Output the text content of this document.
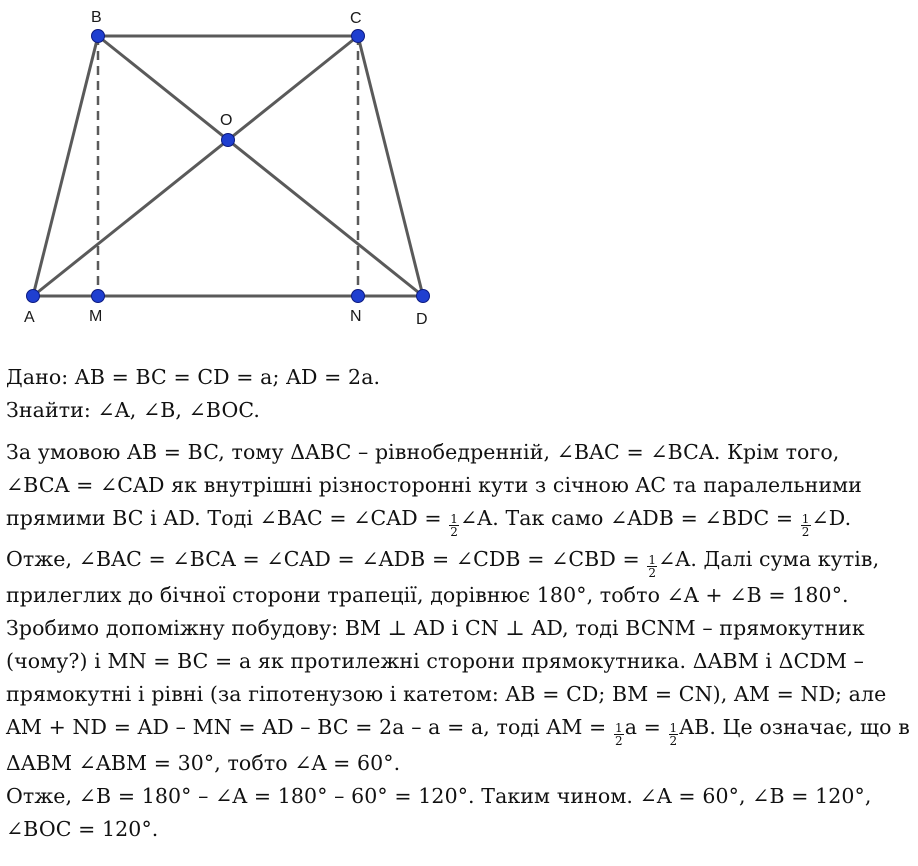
B	C
O
A	M	N	D
Дано: AB = BC = CD = a; AD = 2a.
Знайти: ∠A, ∠B, ∠BOC.
За умовою AB = BC, тому ΔABC – рівнобедренній, ∠BAC = ∠BCA. Крім того,
∠BCA = ∠CAD як внутрішні різносторонні кути з січною AC та паралельними
прямими BC і AD. Тоді ∠BAC = ∠CAD = $\frac{1}{2}$ ∠A. Так само ∠ADB = ∠BDC = $\frac{1}{2}$ ∠D.
Отже, ∠BAC = ∠BCA = ∠CAD = ∠ADB = ∠CDB = ∠CBD = $\frac{1}{2}$ ∠A. Далі сума кутів,
прилеглих до бічної сторони трапеції, дорівнює 180°, тобто ∠A + ∠B = 180°.
Зробимо допоміжну побудову: BM ⊥ AD і CN ⊥ AD, тоді BCNM – прямокутник
(чому?) і MN = BC = a як протилежні сторони прямокутника. ΔABM і ΔCDM –
прямокутні і рівні (за гіпотенузою і катетом: AB = CD; BM = CN), AM = ND; але
AM + ND = AD – MN = AD – BC = 2a – a = a, тоді AM = $\frac{1}{2}$ $a = \frac{1}{2}$ AB. Це означає, що в
ΔABM ∠ABM = 30°, тобто ∠A = 60°.
Отже, ∠B = 180° – ∠A = 180° – 60° = 120°. Таким чином. ∠A = 60°, ∠B = 120°,
∠BOC = 120°.
